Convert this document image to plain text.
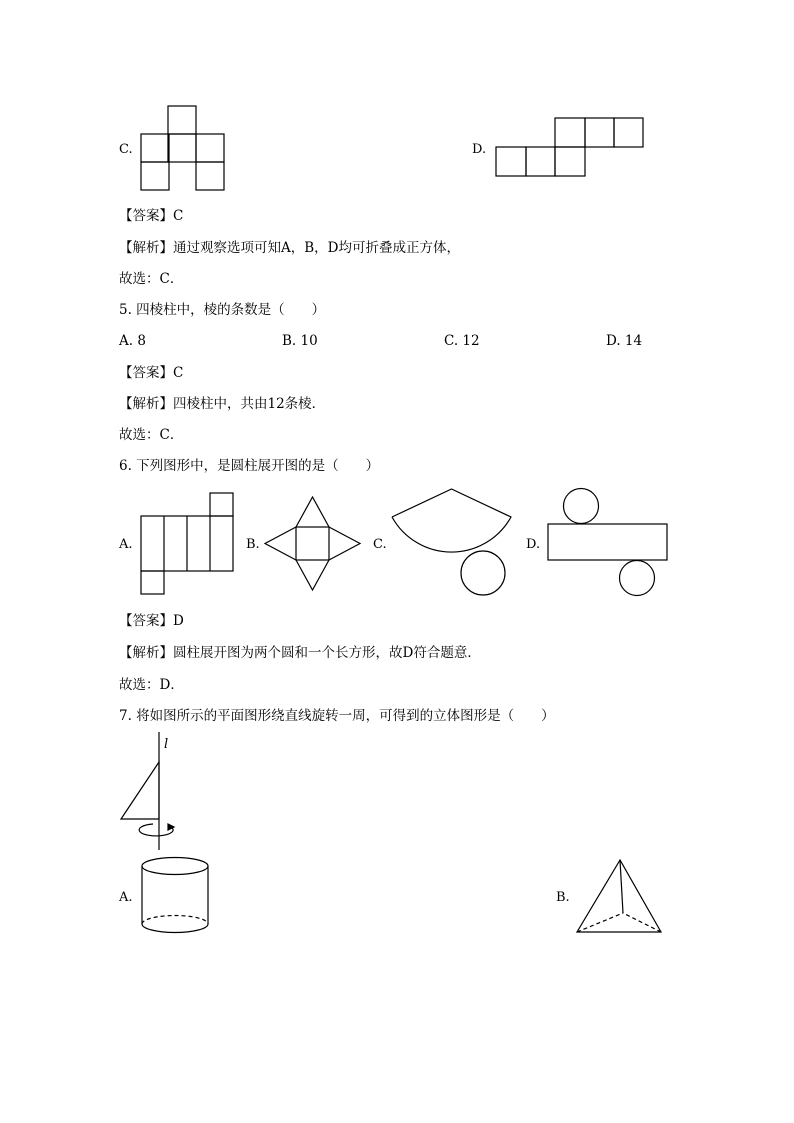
C.	D.
【答案】C
【解析】通过观察选项可知A，B，D均可折叠成正方体，
故选：C．
5. 四棱柱中，棱的条数是（　　）
A. 8	B. 10	C. 12	D. 14
【答案】C
【解析】四棱柱中，共由12条棱．
故选：C．
6. 下列图形中，是圆柱展开图的是（　　）
A.	B.	C.	D.
【答案】D
【解析】圆柱展开图为两个圆和一个长方形，故D符合题意．
故选：D．
7. 将如图所示的平面图形绕直线旋转一周，可得到的立体图形是（　　）
l
A.	B.
